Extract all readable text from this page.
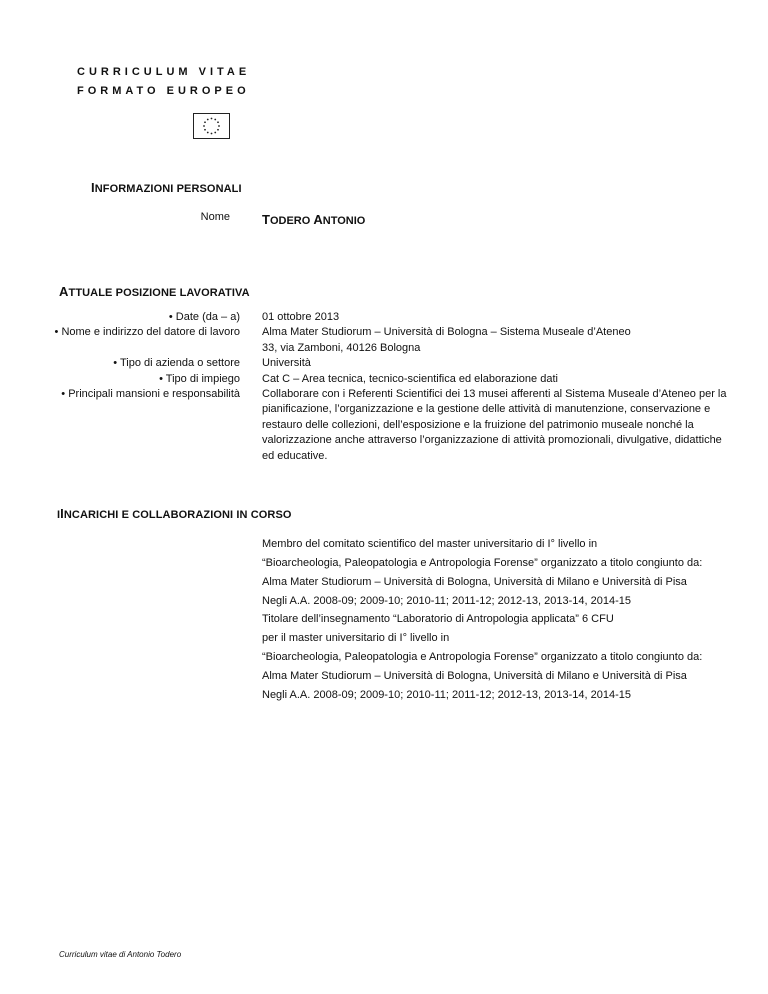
CURRICULUM VITAE
FORMATO EUROPEO
INFORMAZIONI PERSONALI
Nome TODERO ANTONIO
ATTUALE POSIZIONE LAVORATIVA
• Date (da – a) 01 ottobre 2013
• Nome e indirizzo del datore di lavoro Alma Mater Studiorum – Università di Bologna – Sistema Museale d’Ateneo
33, via Zamboni, 40126 Bologna
• Tipo di azienda o settore Università
• Tipo di impiego Cat C – Area tecnica, tecnico-scientifica ed elaborazione dati
• Principali mansioni e responsabilità Collaborare con i Referenti Scientifici dei 13 musei afferenti al Sistema Museale d’Ateneo per la
pianificazione, l’organizzazione e la gestione delle attività di manutenzione, conservazione e
restauro delle collezioni, dell’esposizione e la fruizione del patrimonio museale nonché la
valorizzazione anche attraverso l’organizzazione di attività promozionali, divulgative, didattiche
ed educative.
IINCARICHI E COLLABORAZIONI IN CORSO
Membro del comitato scientifico del master universitario di I° livello in
“Bioarcheologia, Paleopatologia e Antropologia Forense” organizzato a titolo congiunto da:
Alma Mater Studiorum – Università di Bologna, Università di Milano e Università di Pisa
Negli A.A. 2008-09; 2009-10; 2010-11; 2011-12; 2012-13, 2013-14, 2014-15
Titolare dell’insegnamento “Laboratorio di Antropologia applicata” 6 CFU
per il master universitario di I° livello in
“Bioarcheologia, Paleopatologia e Antropologia Forense” organizzato a titolo congiunto da:
Alma Mater Studiorum – Università di Bologna, Università di Milano e Università di Pisa
Negli A.A. 2008-09; 2009-10; 2010-11; 2011-12; 2012-13, 2013-14, 2014-15
Curriculum vitae di Antonio Todero
